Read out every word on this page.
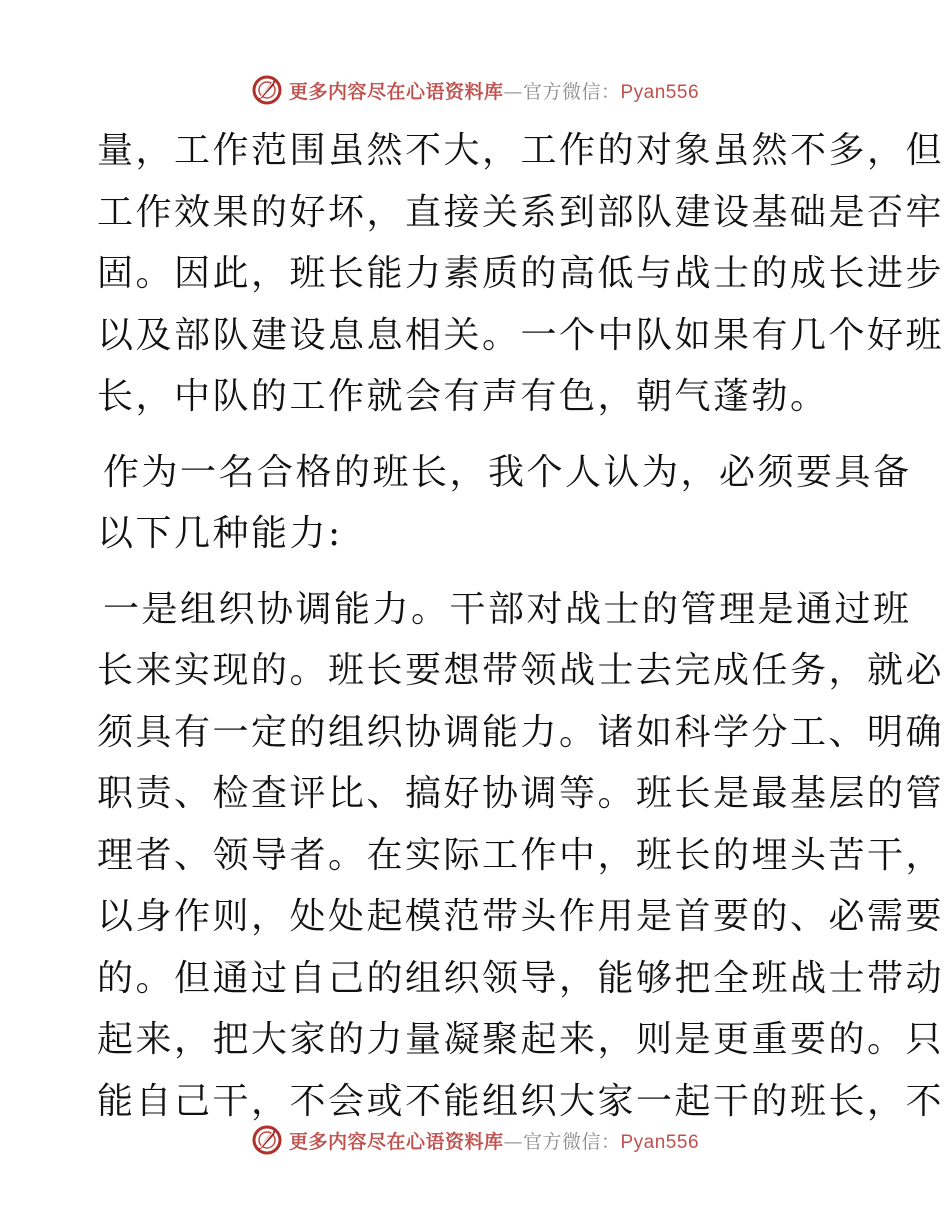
更多内容尽在心语资料库—官方微信：Pyan556

量，工作范围虽然不大，工作的对象虽然不多，但
工作效果的好坏，直接关系到部队建设基础是否牢
固。因此，班长能力素质的高低与战士的成长进步
以及部队建设息息相关。一个中队如果有几个好班
长，中队的工作就会有声有色，朝气蓬勃。

作为一名合格的班长，我个人认为，必须要具备
以下几种能力:

一是组织协调能力。干部对战士的管理是通过班
长来实现的。班长要想带领战士去完成任务，就必
须具有一定的组织协调能力。诸如科学分工、明确
职责、检查评比、搞好协调等。班长是最基层的管
理者、领导者。在实际工作中，班长的埋头苦干，
以身作则，处处起模范带头作用是首要的、必需要
的。但通过自己的组织领导，能够把全班战士带动
起来，把大家的力量凝聚起来，则是更重要的。只
能自己干，不会或不能组织大家一起干的班长，不

更多内容尽在心语资料库—官方微信：Pyan556
